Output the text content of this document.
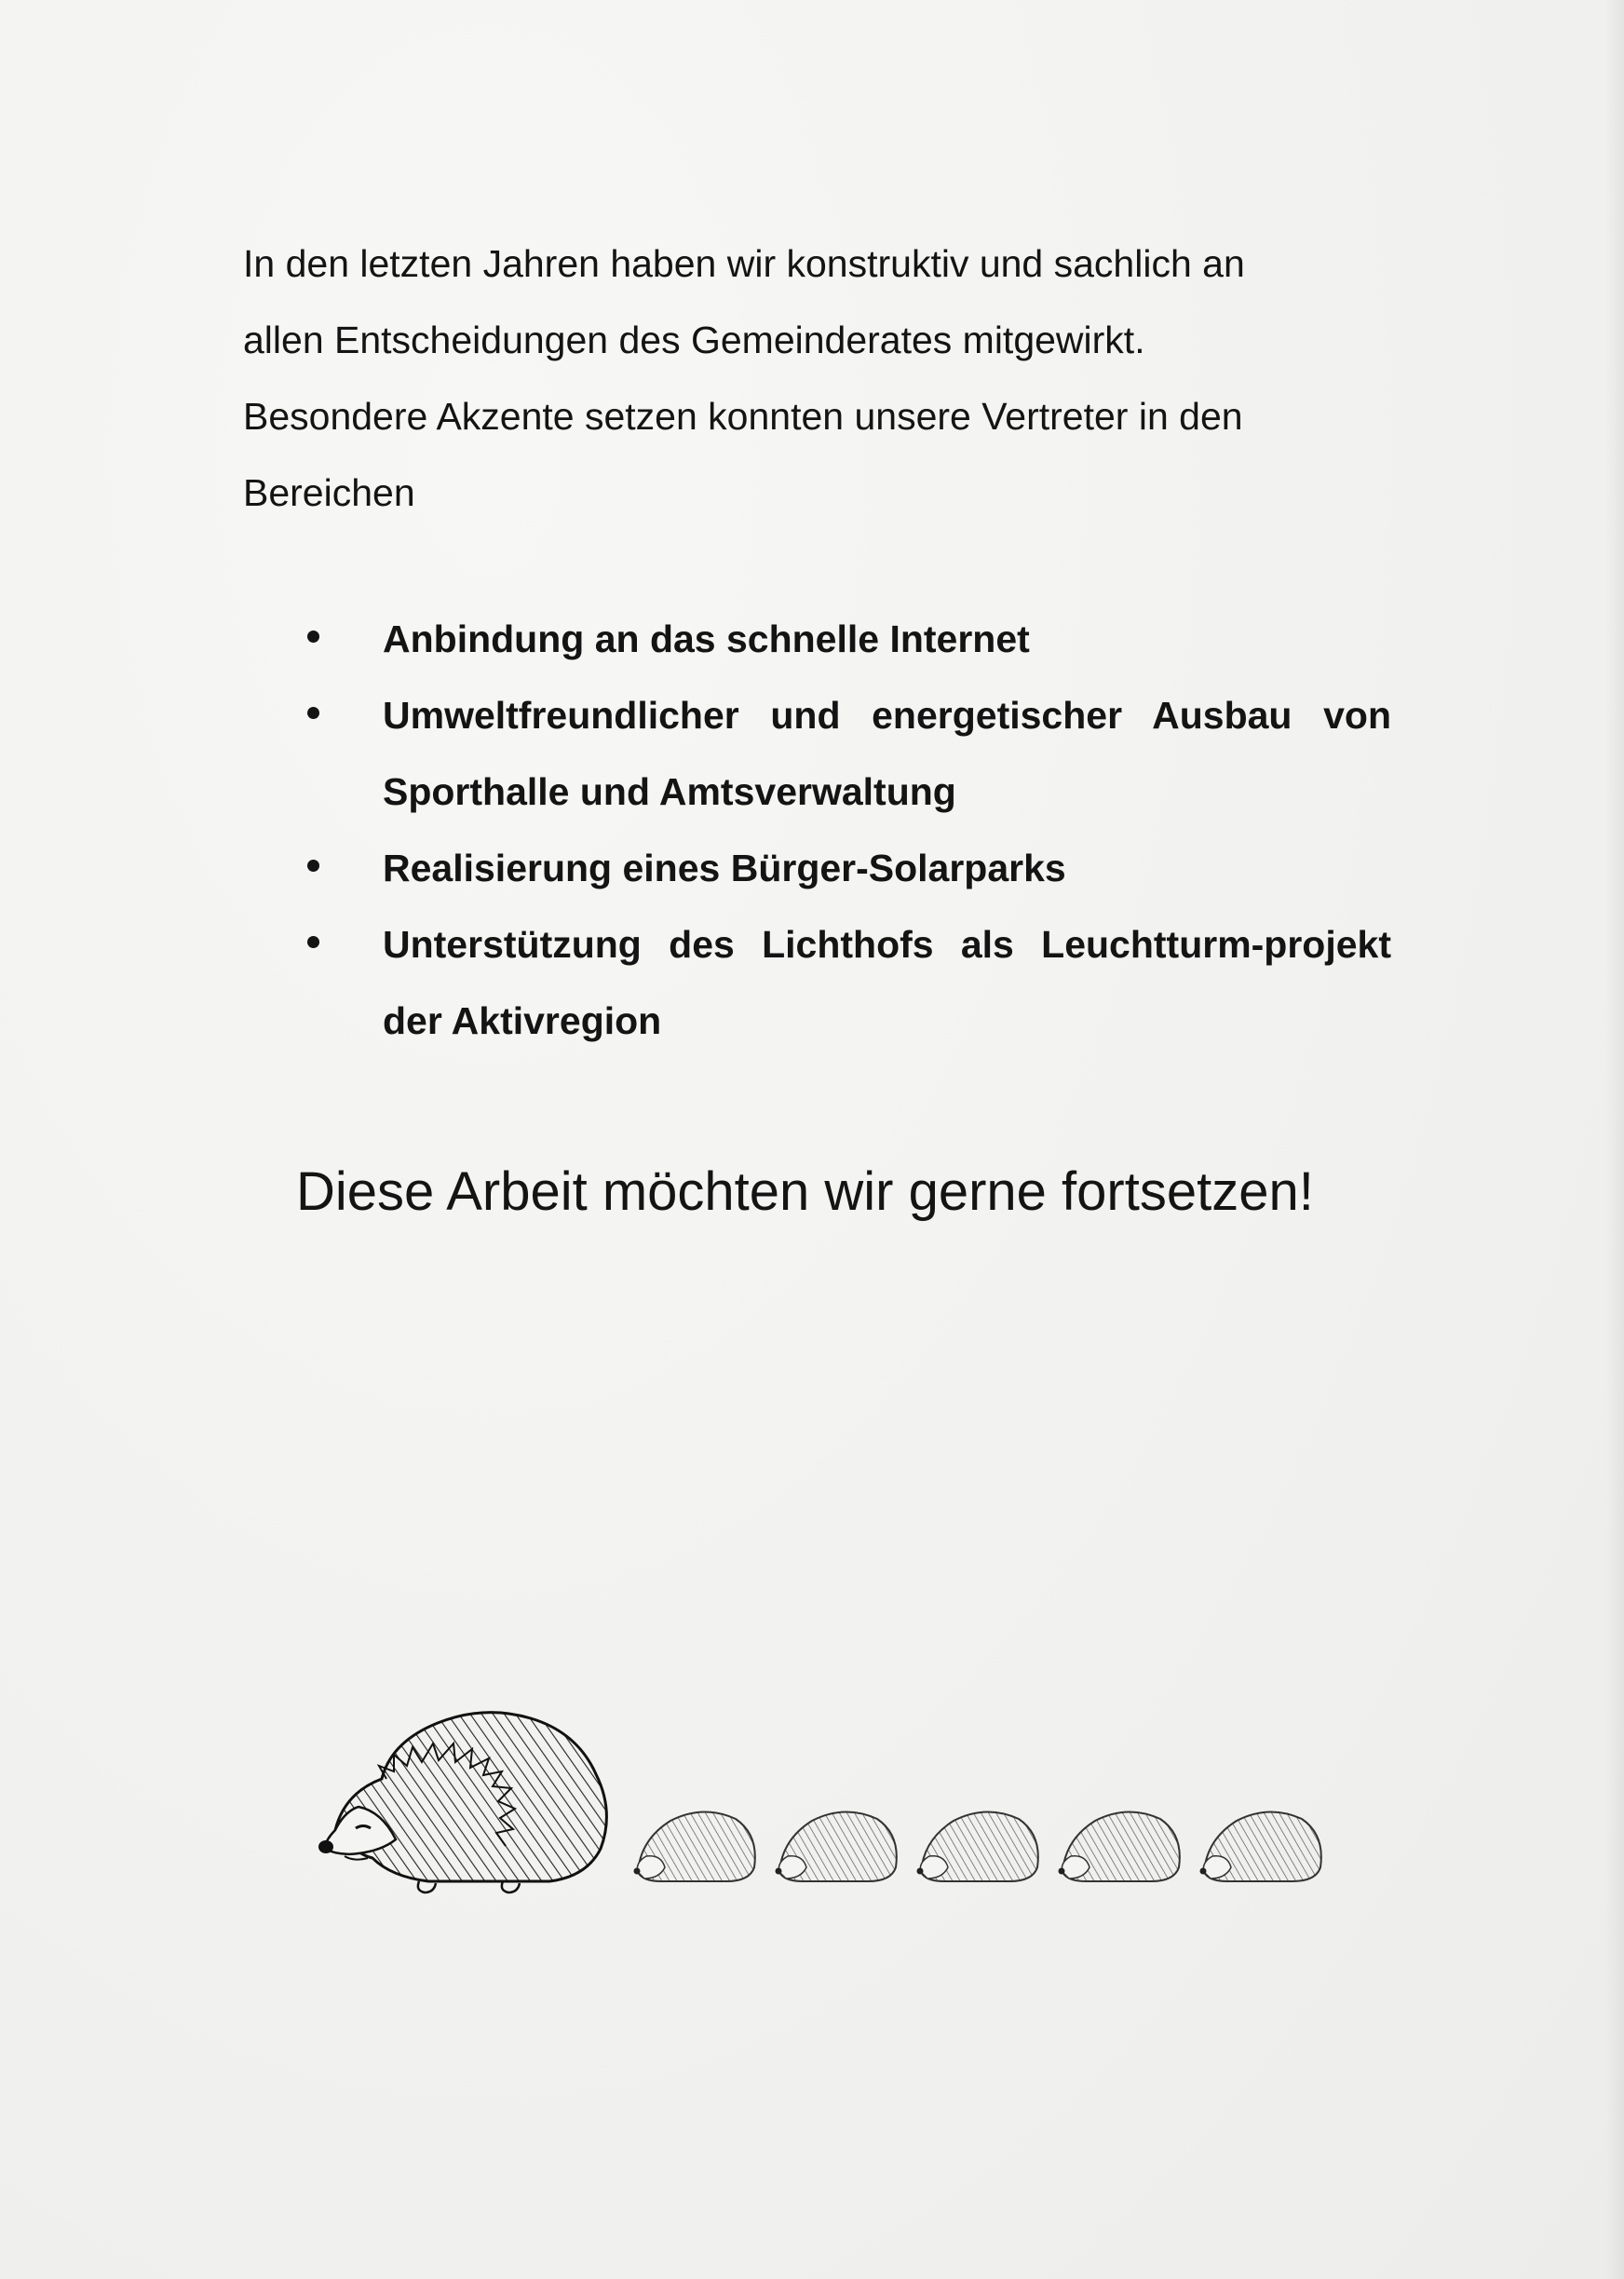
In den letzten Jahren haben wir konstruktiv und sachlich an

allen Entscheidungen des Gemeinderates mitgewirkt.

Besondere Akzente setzen konnten unsere Vertreter in den

Bereichen

Anbindung an das schnelle Internet
Umweltfreundlicher und energetischer Ausbau von Sporthalle und Amtsverwaltung
Realisierung eines Bürger-Solarparks
Unterstützung des Lichthofs als Leuchtturm-projekt der Aktivregion
Diese Arbeit möchten wir gerne fortsetzen!
